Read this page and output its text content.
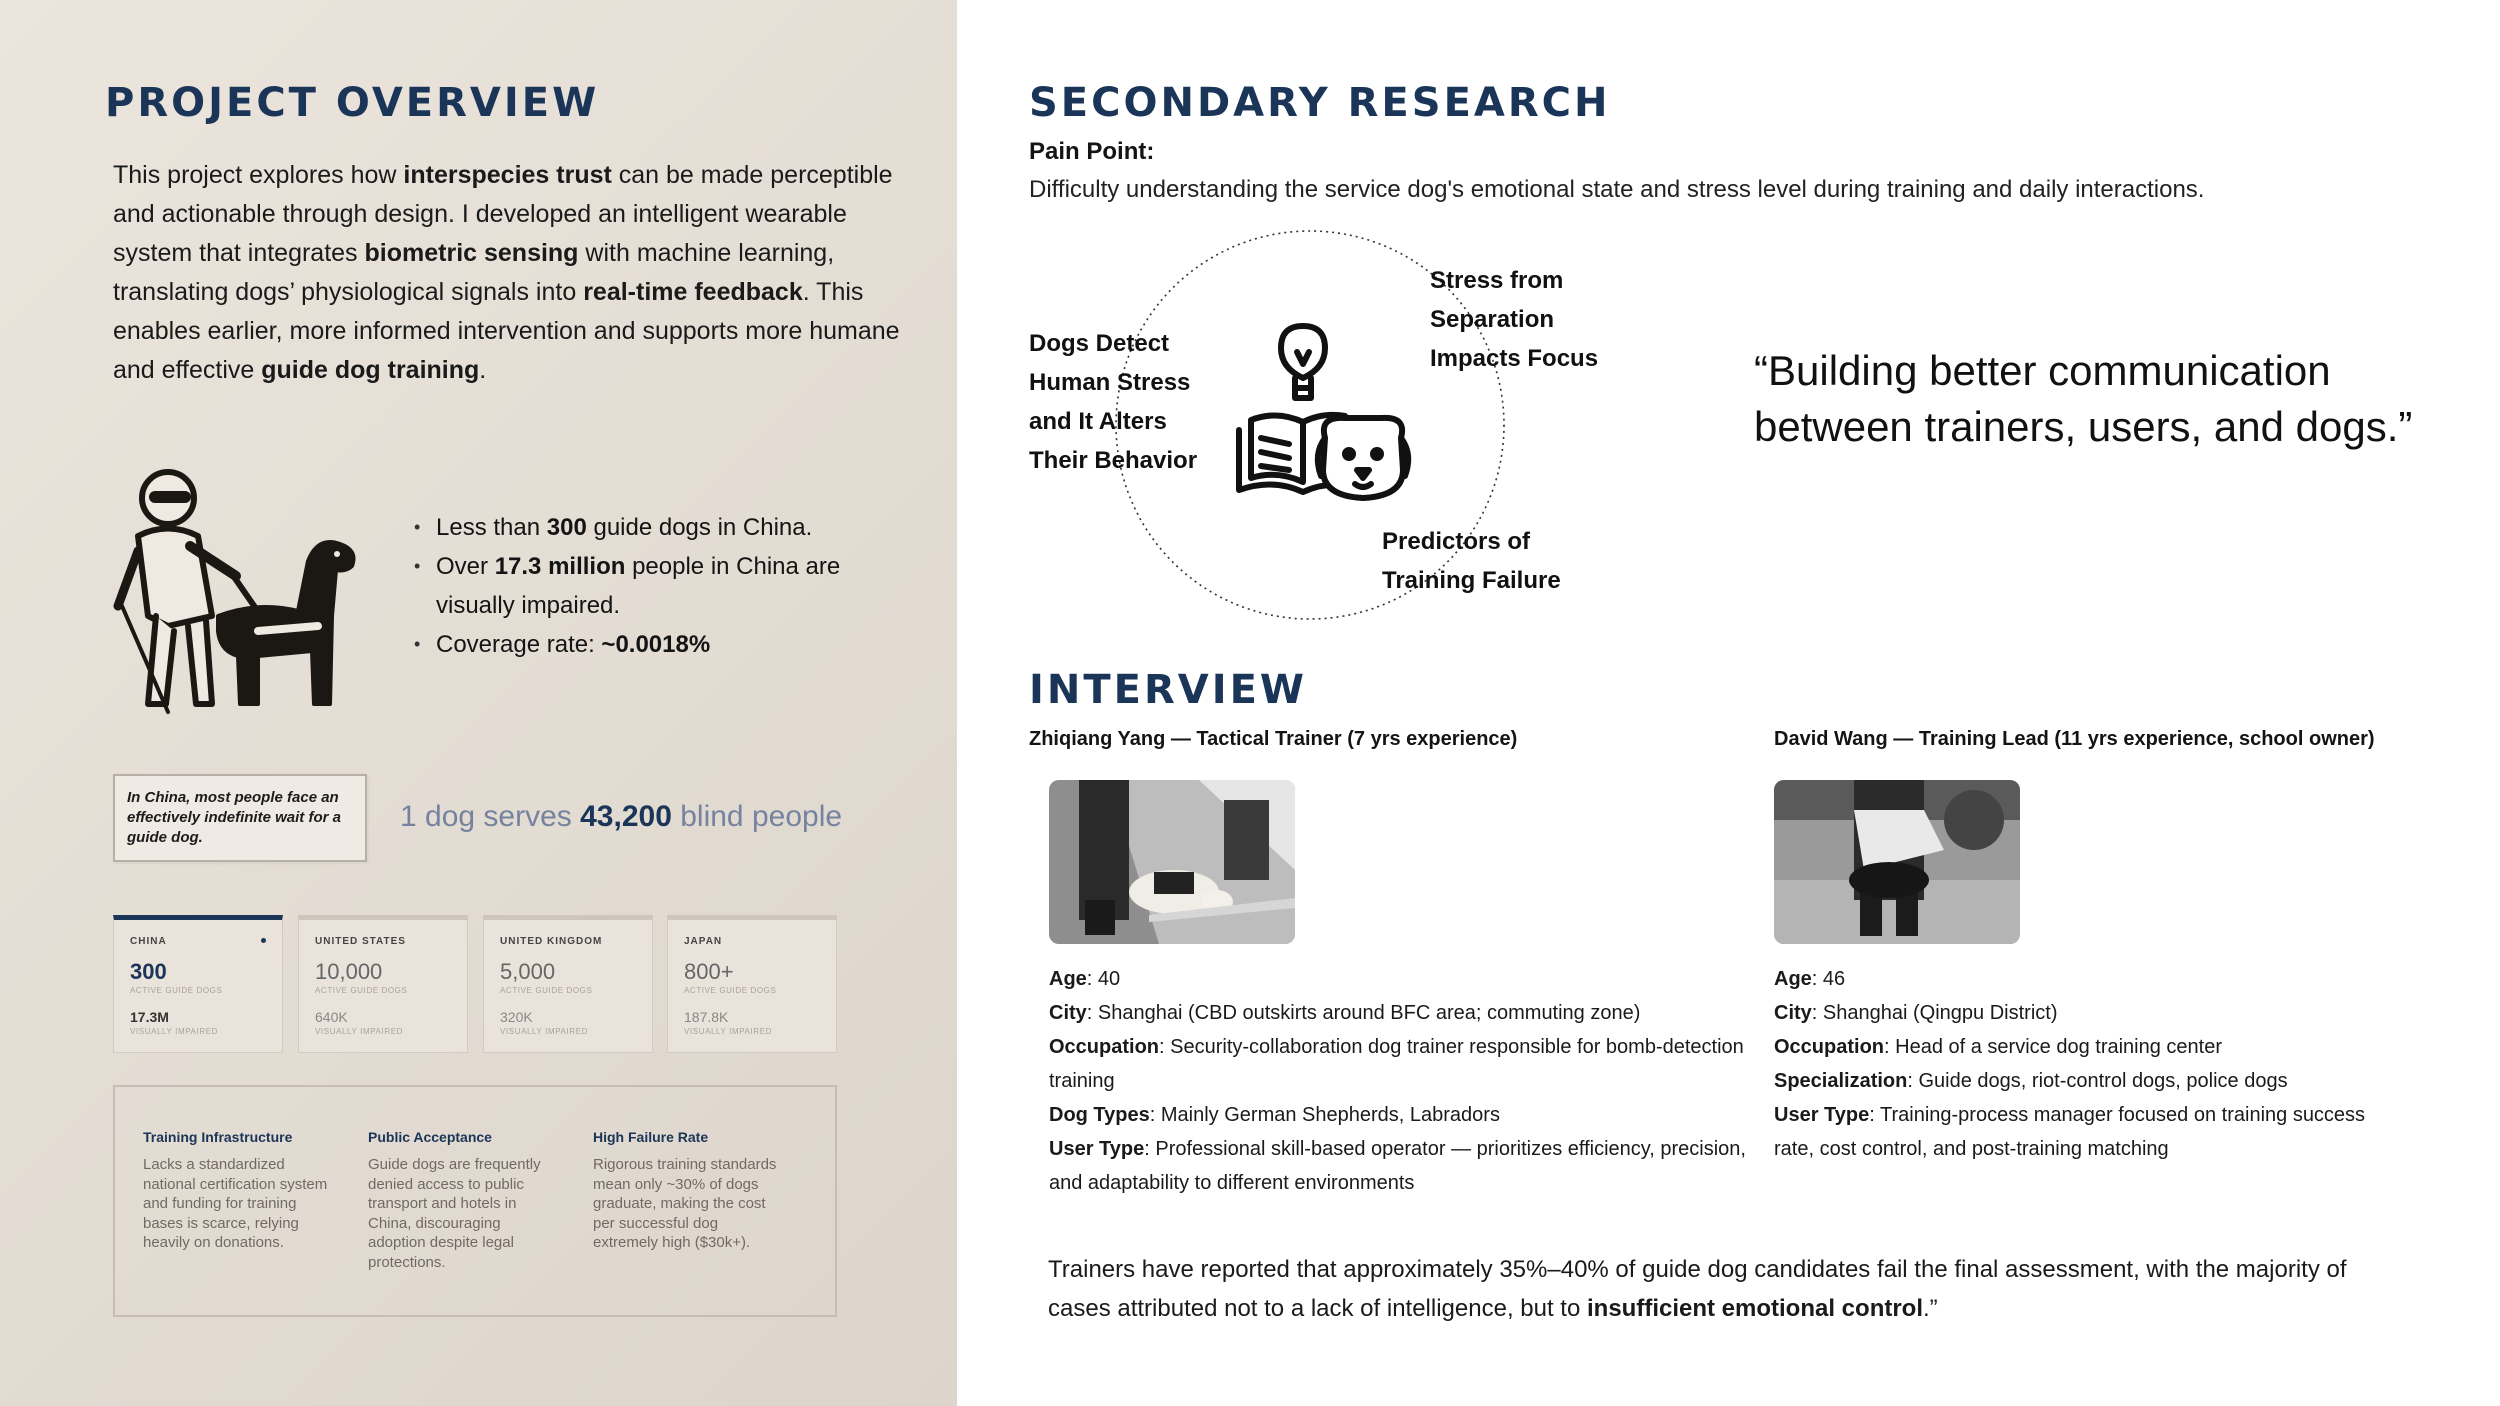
PROJECT OVERVIEW

This project explores how interspecies trust can be made perceptible and actionable through design. I developed an intelligent wearable system that integrates biometric sensing with machine learning, translating dogs’ physiological signals into real-time feedback. This enables earlier, more informed intervention and supports more humane and effective guide dog training.

• Less than 300 guide dogs in China.
• Over 17.3 million people in China are visually impaired.
• Coverage rate: ~0.0018%
In China, most people face an effectively indefinite wait for a guide dog.
1 dog serves 43,200 blind people
CHINA
300
ACTIVE GUIDE DOGS
17.3M
VISUALLY IMPAIRED
UNITED STATES
10,000
ACTIVE GUIDE DOGS
640K
VISUALLY IMPAIRED
UNITED KINGDOM
5,000
ACTIVE GUIDE DOGS
320K
VISUALLY IMPAIRED
JAPAN
800+
ACTIVE GUIDE DOGS
187.8K
VISUALLY IMPAIRED
Training Infrastructure
Lacks a standardized national certification system and funding for training bases is scarce, relying heavily on donations.
Public Acceptance
Guide dogs are frequently denied access to public transport and hotels in China, discouraging adoption despite legal protections.
High Failure Rate
Rigorous training standards mean only ~30% of dogs graduate, making the cost per successful dog extremely high ($30k+).
SECONDARY RESEARCH
Pain Point:
Difficulty understanding the service dog's emotional state and stress level during training and daily interactions.
Dogs Detect Human Stress and It Alters Their Behavior
Stress from Separation Impacts Focus
Predictors of Training Failure
“Building better communication between trainers, users, and dogs.”
INTERVIEW
Zhiqiang Yang — Tactical Trainer (7 yrs experience)	David Wang — Training Lead (11 yrs experience, school owner)
Age: 40
City: Shanghai (CBD outskirts around BFC area; commuting zone)
Occupation: Security-collaboration dog trainer responsible for bomb-detection training
Dog Types: Mainly German Shepherds, Labradors
User Type: Professional skill-based operator — prioritizes efficiency, precision, and adaptability to different environments
Age: 46
City: Shanghai (Qingpu District)
Occupation: Head of a service dog training center
Specialization: Guide dogs, riot-control dogs, police dogs
User Type: Training-process manager focused on training success rate, cost control, and post-training matching

Trainers have reported that approximately 35%–40% of guide dog candidates fail the final assessment, with the majority of cases attributed not to a lack of intelligence, but to insufficient emotional control.”
